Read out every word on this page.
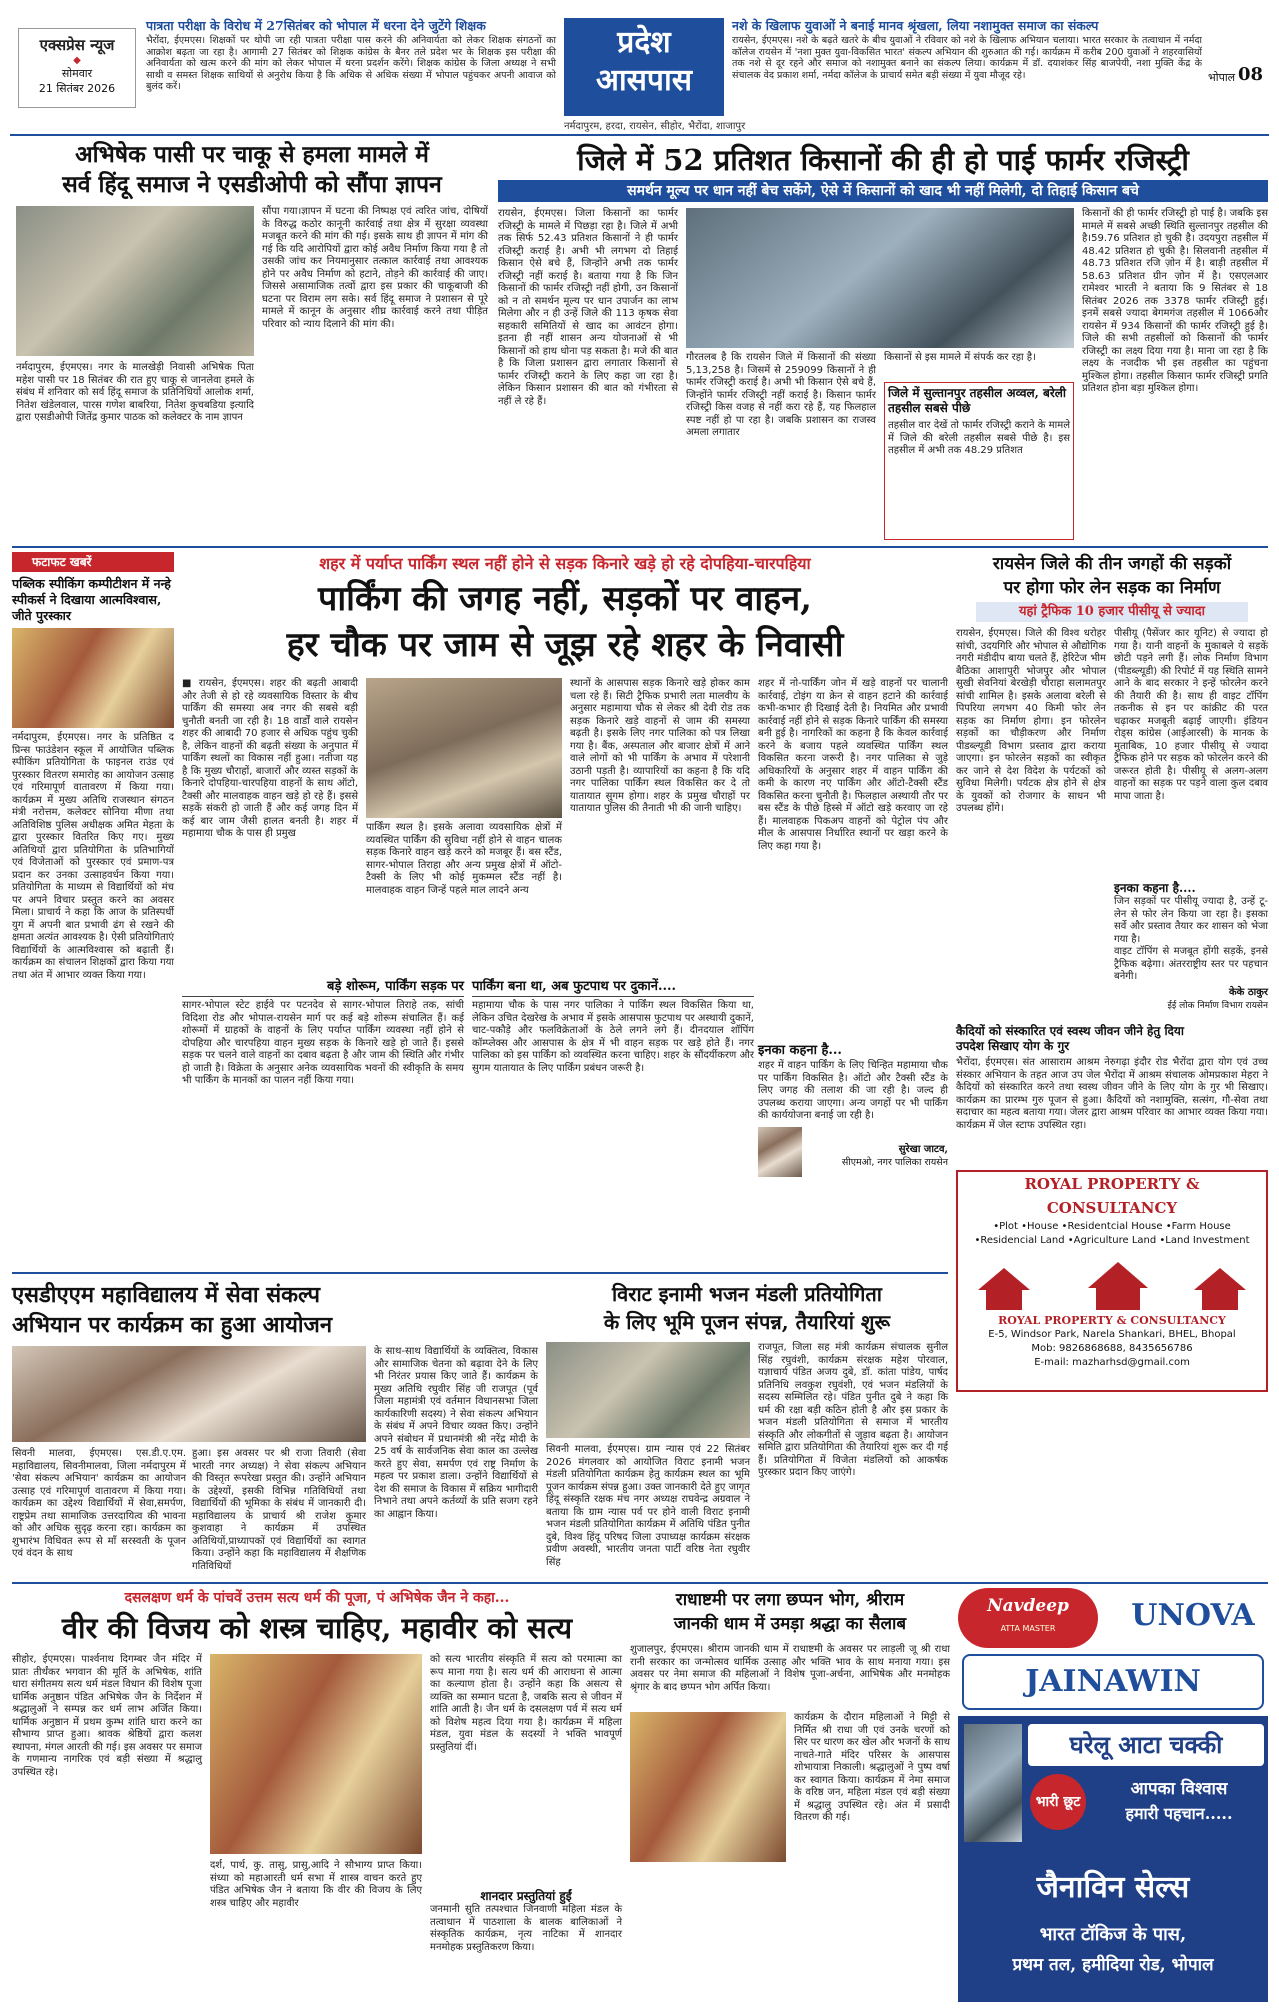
एक्सप्रेस न्यूज
◆
सोमवार
21 सितंबर 2026
पात्रता परीक्षा के विरोध में 27सितंबर को भोपाल में धरना देने जुटेंगे शिक्षक
भैरोंदा, ईएमएस। शिक्षकों पर थोपी जा रही पात्रता परीक्षा पास करने की अनिवार्यता को लेकर शिक्षक संगठनों का आक्रोश बढ़ता जा रहा है। आगामी 27 सितंबर को शिक्षक कांग्रेस के बैनर तले प्रदेश भर के शिक्षक इस परीक्षा की अनिवार्यता को खत्म करने की मांग को लेकर भोपाल में धरना प्रदर्शन करेंगे। शिक्षक कांग्रेस के जिला अध्यक्ष ने सभी साथी व समस्त शिक्षक साथियों से अनुरोध किया है कि अधिक से अधिक संख्या में भोपाल पहुंचकर अपनी आवाज को बुलंद करें।
प्रदेश
आसपास
नर्मदापुरम, हरदा, रायसेन, सीहोर, भैरोंदा, शाजापुर
नशे के खिलाफ युवाओं ने बनाई मानव श्रृंखला, लिया नशामुक्त समाज का संकल्प
रायसेन, ईएमएस। नशे के बढ़ते खतरे के बीच युवाओं ने रविवार को नशे के खिलाफ अभियान चलाया। भारत सरकार के तत्वाधान में नर्मदा कॉलेज रायसेन में 'नशा मुक्त युवा-विकसित भारत' संकल्प अभियान की शुरुआत की गई। कार्यक्रम में करीब 200 युवाओं ने शहरवासियों तक नशे से दूर रहने और समाज को नशामुक्त बनाने का संकल्प लिया। कार्यक्रम में डॉ. दयाशंकर सिंह बाजपेयी, नशा मुक्ति केंद्र के संचालक वेद प्रकाश शर्मा, नर्मदा कॉलेज के प्राचार्य समेत बड़ी संख्या में युवा मौजूद रहे।	भोपाल 08
अभिषेक पासी पर चाकू से हमला मामले में
सर्व हिंदू समाज ने एसडीओपी को सौंपा ज्ञापन
नर्मदापुरम, ईएमएस। नगर के मालखेड़ी निवासी अभिषेक पिता महेश पासी पर 18 सितंबर की रात हुए चाकू से जानलेवा हमले के संबंध में शनिवार को सर्व हिंदू समाज के प्रतिनिधियों आलोक शर्मा, नितेश खंडेलवाल, पारस गणेश बाबरिया, नितेश कुचबडिया इत्यादि द्वारा एसडीओपी जितेंद्र कुमार पाठक को कलेक्टर के नाम ज्ञापन
सौंपा गया।ज्ञापन में घटना की निष्पक्ष एवं त्वरित जांच, दोषियों के विरुद्ध कठोर कानूनी कार्रवाई तथा क्षेत्र में सुरक्षा व्यवस्था मजबूत करने की मांग की गई। इसके साथ ही ज्ञापन में मांग की गई कि यदि आरोपियों द्वारा कोई अवैध निर्माण किया गया है तो उसकी जांच कर नियमानुसार तत्काल कार्रवाई तथा आवश्यक होने पर अवैध निर्माण को हटाने, तोड़ने की कार्रवाई की जाए। जिससे असामाजिक तत्वों द्वारा इस प्रकार की चाकूबाजी की घटना पर विराम लग सके। सर्व हिंदू समाज ने प्रशासन से पूरे मामले में कानून के अनुसार शीघ्र कार्रवाई करने तथा पीड़ित परिवार को न्याय दिलाने की मांग की।
जिले में 52 प्रतिशत किसानों की ही हो पाई फार्मर रजिस्ट्री
समर्थन मूल्य पर धान नहीं बेच सकेंगे, ऐसे में किसानों को खाद भी नहीं मिलेगी, दो तिहाई किसान बचे
रायसेन, ईएमएस। जिला किसानों का फार्मर रजिस्ट्री के मामले में पिछड़ा रहा है। जिले में अभी तक सिर्फ 52.43 प्रतिशत किसानों ने ही फार्मर रजिस्ट्री कराई है। अभी भी लगभग दो तिहाई किसान ऐसे बचे हैं, जिन्होंने अभी तक फार्मर रजिस्ट्री नहीं कराई है। बताया गया है कि जिन किसानों की फार्मर रजिस्ट्री नहीं होगी, उन किसानों को न तो समर्थन मूल्य पर धान उपार्जन का लाभ मिलेगा और न ही उन्हें जिले की 113 कृषक सेवा सहकारी समितियों से खाद का आवंटन होगा। इतना ही नहीं शासन अन्य योजनाओं से भी किसानों को हाथ धोना पड़ सकता है। मजे की बात है कि जिला प्रशासन द्वारा लगातार किसानों से फार्मर रजिस्ट्री कराने के लिए कहा जा रहा है। लेकिन किसान प्रशासन की बात को गंभीरता से नहीं ले रहे हैं।
गौरतलब है कि रायसेन जिले में किसानों की संख्या 5,13,258 है। जिसमें से 259099 किसानों ने ही फार्मर रजिस्ट्री कराई है। अभी भी किसान ऐसे बचे हैं, जिन्होंने फार्मर रजिस्ट्री नहीं कराई है। किसान फार्मर रजिस्ट्री किस वजह से नहीं करा रहे हैं, यह फिलहाल स्पष्ट नहीं हो पा रहा है। जबकि प्रशासन का राजस्व अमला लगातार
किसानों से इस मामले में संपर्क कर रहा है।
जिले में सुल्तानपुर तहसील अव्वल, बरेली तहसील सबसे पीछे
तहसील वार देखें तो फार्मर रजिस्ट्री कराने के मामले में जिले की बरेली तहसील सबसे पीछे है। इस तहसील में अभी तक 48.29 प्रतिशत
किसानों की ही फार्मर रजिस्ट्री हो पाई है। जबकि इस मामले में सबसे अच्छी स्थिति सुल्तानपुर तहसील की है।59.76 प्रतिशत हो चुकी है। उदयपुरा तहसील में 48.42 प्रतिशत हो चुकी है। सिलवानी तहसील में 48.73 प्रतिशत रजि ज़ोन में है। बाड़ी तहसील में 58.63 प्रतिशत ग्रीन ज़ोन में है। एसएलआर रामेश्वर भारती ने बताया कि 9 सितंबर से 18 सितंबर 2026 तक 3378 फार्मर रजिस्ट्री हुई। इनमें सबसे ज्यादा बेगमगंज तहसील में 1066और रायसेन में 934 किसानों की फार्मर रजिस्ट्री हुई है। जिले की सभी तहसीलों को किसानों की फार्मर रजिस्ट्री का लक्ष्य दिया गया है। माना जा रहा है कि लक्ष्य के नजदीक भी इस तहसील का पहुंचना मुश्किल होगा। तहसील किसान फार्मर रजिस्ट्री प्रगति प्रतिशत होना बड़ा मुश्किल होगा।
फटाफट खबरें
पब्लिक स्पीकिंग कम्पीटीशन में नन्हे स्पीकर्स ने दिखाया आत्मविश्वास, जीते पुरस्कार
नर्मदापुरम, ईएमएस। नगर के प्रतिष्ठित द प्रिन्स फाउंडेशन स्कूल में आयोजित पब्लिक स्पीकिंग प्रतियोगिता के फाइनल राउंड एवं पुरस्कार वितरण समारोह का आयोजन उत्साह एवं गरिमापूर्ण वातावरण में किया गया। कार्यक्रम में मुख्य अतिथि राजस्थान संगठन मंत्री नरोत्तम, कलेक्टर सोनिया मीणा तथा अतिविशिष्ठ पुलिस अधीक्षक अमित मेहता के द्वारा पुरस्कार वितरित किए गए। मुख्य अतिथियों द्वारा प्रतियोगिता के प्रतिभागियों एवं विजेताओं को पुरस्कार एवं प्रमाण-पत्र प्रदान कर उनका उत्साहवर्धन किया गया। प्रतियोगिता के माध्यम से विद्यार्थियों को मंच पर अपने विचार प्रस्तुत करने का अवसर मिला। प्राचार्य ने कहा कि आज के प्रतिस्पर्धी युग में अपनी बात प्रभावी ढंग से रखने की क्षमता अत्यंत आवश्यक है। ऐसी प्रतियोगिताएं विद्यार्थियों के आत्मविश्वास को बढ़ाती हैं। कार्यक्रम का संचालन शिक्षकों द्वारा किया गया तथा अंत में आभार व्यक्त किया गया।
शहर में पर्याप्त पार्किंग स्थल नहीं होने से सड़क किनारे खड़े हो रहे दोपहिया-चारपहिया
पार्किंग की जगह नहीं, सड़कों पर वाहन,
हर चौक पर जाम से जूझ रहे शहर के निवासी
■ रायसेन, ईएमएस। शहर की बढ़ती आबादी और तेजी से हो रहे व्यवसायिक विस्तार के बीच पार्किंग की समस्या अब नगर की सबसे बड़ी चुनौती बनती जा रही है। 18 वार्डों वाले रायसेन शहर की आबादी 70 हजार से अधिक पहुंच चुकी है, लेकिन वाहनों की बढ़ती संख्या के अनुपात में पार्किंग स्थलों का विकास नहीं हुआ। नतीजा यह है कि मुख्य चौराहों, बाजारों और व्यस्त सड़कों के किनारे दोपहिया-चारपहिया वाहनों के साथ ऑटो, टैक्सी और मालवाहक वाहन खड़े हो रहे हैं। इससे सड़कें संकरी हो जाती हैं और कई जगह दिन में कई बार जाम जैसी हालत बनती है। शहर में महामाया चौक के पास ही प्रमुख
पार्किंग स्थल है। इसके अलावा व्यवसायिक क्षेत्रों में व्यवस्थित पार्किंग की सुविधा नहीं होने से वाहन चालक सड़क किनारे वाहन खड़े करने को मजबूर हैं। बस स्टैंड, सागर-भोपाल तिराहा और अन्य प्रमुख क्षेत्रों में ऑटो-टैक्सी के लिए भी कोई मुकम्मल स्टैंड नहीं है। मालवाहक वाहन जिन्हें पहले माल लादने अन्य
स्थानों के आसपास सड़क किनारे खड़े होकर काम चला रहे हैं। सिटी ट्रैफिक प्रभारी लता मालवीय के अनुसार महामाया चौक से लेकर श्री देवी रोड तक सड़क किनारे खड़े वाहनों से जाम की समस्या बढ़ती है। इसके लिए नगर पालिका को पत्र लिखा गया है। बैंक, अस्पताल और बाजार क्षेत्रों में आने वाले लोगों को भी पार्किंग के अभाव में परेशानी उठानी पड़ती है। व्यापारियों का कहना है कि यदि नगर पालिका पार्किंग स्थल विकसित कर दे तो यातायात सुगम होगा। शहर के प्रमुख चौराहों पर यातायात पुलिस की तैनाती भी की जानी चाहिए।
शहर में नो-पार्किंग जोन में खड़े वाहनों पर चालानी कार्रवाई, टोइंग या क्रेन से वाहन हटाने की कार्रवाई कभी-कभार ही दिखाई देती है। नियमित और प्रभावी कार्रवाई नहीं होने से सड़क किनारे पार्किंग की समस्या बनी हुई है। नागरिकों का कहना है कि केवल कार्रवाई करने के बजाय पहले व्यवस्थित पार्किंग स्थल विकसित करना जरूरी है। नगर पालिका से जुड़े अधिकारियों के अनुसार शहर में वाहन पार्किंग की कमी के कारण नए पार्किंग और ऑटो-टैक्सी स्टैंड विकसित करना चुनौती है। फिलहाल अस्थायी तौर पर बस स्टैंड के पीछे हिस्से में ऑटो खड़े करवाए जा रहे हैं। मालवाहक पिकअप वाहनों को पेट्रोल पंप और मील के आसपास निर्धारित स्थानों पर खड़ा करने के लिए कहा गया है।
बड़े शोरूम, पार्किंग सड़क पर
सागर-भोपाल स्टेट हाईवे पर पटनदेव से सागर-भोपाल तिराहे तक, सांची विदिशा रोड और भोपाल-रायसेन मार्ग पर कई बड़े शोरूम संचालित हैं। कई शोरूमों में ग्राहकों के वाहनों के लिए पर्याप्त पार्किंग व्यवस्था नहीं होने से दोपहिया और चारपहिया वाहन मुख्य सड़क के किनारे खड़े हो जाते हैं। इससे सड़क पर चलने वाले वाहनों का दबाव बढ़ता है और जाम की स्थिति और गंभीर हो जाती है। विक्रेता के अनुसार अनेक व्यवसायिक भवनों की स्वीकृति के समय भी पार्किंग के मानकों का पालन नहीं किया गया।
पार्किंग बना था, अब फुटपाथ पर दुकानें....
महामाया चौक के पास नगर पालिका ने पार्किंग स्थल विकसित किया था, लेकिन उचित देखरेख के अभाव में इसके आसपास फुटपाथ पर अस्थायी दुकानें, चाट-पकौड़े और फलविक्रेताओं के ठेले लगने लगे हैं। दीनदयाल शॉपिंग कॉम्प्लेक्स और आसपास के क्षेत्र में भी वाहन सड़क पर खड़े होते हैं। नगर पालिका को इस पार्किंग को व्यवस्थित करना चाहिए। शहर के सौंदर्यीकरण और सुगम यातायात के लिए पार्किंग प्रबंधन जरूरी है।
इनका कहना है...
शहर में वाहन पार्किंग के लिए चिन्हित महामाया चौक पर पार्किंग विकसित है। ऑटो और टैक्सी स्टैंड के लिए जगह की तलाश की जा रही है। जल्द ही उपलब्ध कराया जाएगा। अन्य जगहों पर भी पार्किंग की कार्ययोजना बनाई जा रही है।
सुरेखा जाटव,
सीएमओ, नगर पालिका रायसेन
रायसेन जिले की तीन जगहों की सड़कों
पर होगा फोर लेन सड़क का निर्माण
यहां ट्रैफिक 10 हजार पीसीयू से ज्यादा
रायसेन, ईएमएस। जिले की विश्व धरोहर सांची, उदयगिरि और भोपाल से औद्योगिक नगरी मंडीदीप बाया चलते हैं, हेरिटेज भीम बैठिका आशापुरी भोजपुर और भोपाल सुखी सेवनियां बेरखेड़ी चौराहा सलामतपुर सांची शामिल है। इसके अलावा बरेली से पिपरिया लगभग 40 किमी फोर लेन सड़क का निर्माण होगा। इन फोरलेन सड़कों का चौड़ीकरण और निर्माण पीडब्ल्यूडी विभाग प्रस्ताव द्वारा कराया जाएगा। इन फोरलेन सड़कों का स्वीकृत कर जाने से देश विदेश के पर्यटकों को सुविधा मिलेगी। पर्यटक क्षेत्र होने से क्षेत्र के युवकों को रोजगार के साधन भी उपलब्ध होंगे।
पीसीयू (पैसेंजर कार यूनिट) से ज्यादा हो गया है। यानी वाहनों के मुकाबले ये सड़कें छोटी पड़ने लगी हैं। लोक निर्माण विभाग (पीडब्ल्यूडी) की रिपोर्ट में यह स्थिति सामने आने के बाद सरकार ने इन्हें फोरलेन करने की तैयारी की है। साथ ही वाइट टॉपिंग तकनीक से इन पर कांक्रीट की परत चढ़ाकर मजबूती बढ़ाई जाएगी। इंडियन रोड्स कांग्रेस (आईआरसी) के मानक के मुताबिक, 10 हजार पीसीयू से ज्यादा ट्रैफिक होने पर सड़क को फोरलेन करने की जरूरत होती है। पीसीयू से अलग-अलग वाहनों का सड़क पर पड़ने वाला कुल दबाव मापा जाता है।
इनका कहना है....
जिन सड़कों पर पीसीयू ज्यादा है, उन्हें टू-लेन से फोर लेन किया जा रहा है। इसका सर्वे और प्रस्ताव तैयार कर शासन को भेजा गया है।
वाइट टॉपिंग से मजबूत होंगी सड़कें, इनसे ट्रैफिक बढ़ेगा। अंतरराष्ट्रीय स्तर पर पहचान बनेगी।
केके ठाकुर
ईई लोक निर्माण विभाग रायसेन
कैदियों को संस्कारित एवं स्वस्थ जीवन जीने हेतु दिया
उपदेश सिखाए योग के गुर
भैरोंदा, ईएमएस। संत आसाराम आश्रम नेरुगढ़ा इंदौर रोड भैरोंदा द्वारा योग एवं उच्च संस्कार अभियान के तहत आज उप जेल भैरोंदा में आश्रम संचालक ओमप्रकाश मेहरा ने कैदियों को संस्कारित करने तथा स्वस्थ जीवन जीने के लिए योग के गुर भी सिखाए। कार्यक्रम का प्रारम्भ गुरु पूजन से हुआ। कैदियों को नशामुक्ति, सत्संग, गौ-सेवा तथा सदाचार का महत्व बताया गया। जेलर द्वारा आश्रम परिवार का आभार व्यक्त किया गया। कार्यक्रम में जेल स्टाफ उपस्थित रहा।
ROYAL PROPERTY & CONSULTANCY
•Plot •House •Residentcial House •Farm House
•Residencial Land •Agriculture Land •Land Investment
ROYAL PROPERTY & CONSULTANCY
E-5, Windsor Park, Narela Shankari, BHEL, Bhopal
Mob: 9826868688, 8435656786
E-mail: mazharhsd@gmail.com
एसडीएएम महाविद्यालय में सेवा संकल्प
अभियान पर कार्यक्रम का हुआ आयोजन
सिवनी मालवा, ईएमएस। एस.डी.ए.एम. महाविद्यालय, सिवनीमालवा, जिला नर्मदापुरम में 'सेवा संकल्प अभियान' कार्यक्रम का आयोजन उत्साह एवं गरिमापूर्ण वातावरण में किया गया। कार्यक्रम का उद्देश्य विद्यार्थियों में सेवा,समर्पण, राष्ट्रप्रेम तथा सामाजिक उत्तरदायित्व की भावना को और अधिक सुदृढ़ करना रहा। कार्यक्रम का शुभारंभ विधिवत रूप से माँ सरस्वती के पूजन एवं वंदन के साथ
हुआ। इस अवसर पर श्री राजा तिवारी (सेवा भारती नगर अध्यक्ष) ने सेवा संकल्प अभियान की विस्तृत रूपरेखा प्रस्तुत की। उन्होंने अभियान के उद्देश्यों, इसकी विभिन्न गतिविधियों तथा विद्यार्थियों की भूमिका के संबंध में जानकारी दी। महाविद्यालय के प्राचार्य श्री राजेश कुमार कुशवाहा ने कार्यक्रम में उपस्थित अतिथियों,प्राध्यापकों एवं विद्यार्थियों का स्वागत किया। उन्होंने कहा कि महाविद्यालय में शैक्षणिक गतिविधियों
के साथ-साथ विद्यार्थियों के व्यक्तित्व, विकास और सामाजिक चेतना को बढ़ावा देने के लिए भी निरंतर प्रयास किए जाते हैं। कार्यक्रम के मुख्य अतिथि रघुवीर सिंह जी राजपूत (पूर्व जिला महामंत्री एवं वर्तमान विधानसभा जिला कार्यकारिणी सदस्य) ने सेवा संकल्प अभियान के संबंध में अपने विचार व्यक्त किए। उन्होंने अपने संबोधन में प्रधानमंत्री श्री नरेंद्र मोदी के 25 वर्ष के सार्वजनिक सेवा काल का उल्लेख करते हुए सेवा, समर्पण एवं राष्ट्र निर्माण के महत्व पर प्रकाश डाला। उन्होंने विद्यार्थियों से देश की समाज के विकास में सक्रिय भागीदारी निभाने तथा अपने कर्तव्यों के प्रति सजग रहने का आह्वान किया।
विराट इनामी भजन मंडली प्रतियोगिता
के लिए भूमि पूजन संपन्न, तैयारियां शुरू
सिवनी मालवा, ईएमएस। ग्राम न्यास एवं 22 सितंबर 2026 मंगलवार को आयोजित विराट इनामी भजन मंडली प्रतियोगिता कार्यक्रम हेतु कार्यक्रम स्थल का भूमि पूजन कार्यक्रम संपन्न हुआ। उक्त जानकारी देते हुए जागृत हिंदू संस्कृति रक्षक मंच नगर अध्यक्ष राघवेन्द्र अग्रवाल ने बताया कि ग्राम न्यास पर्व पर होने वाली विराट इनामी भजन मंडली प्रतियोगिता कार्यक्रम में अतिथि पंडित पुनीत दुबे, विश्व हिंदू परिषद जिला उपाध्यक्ष कार्यक्रम संरक्षक प्रवीण अवस्थी, भारतीय जनता पार्टी वरिष्ठ नेता रघुवीर सिंह
राजपूत, जिला सह मंत्री कार्यक्रम संचालक सुनील सिंह रघुवंशी, कार्यक्रम संरक्षक महेश पोरवाल, यज्ञाचार्य पंडित अजय दुबे, डॉ. कांता पांडेय, पार्षद प्रतिनिधि लवकुश रघुवंशी, एवं भजन मंडलियों के सदस्य सम्मिलित रहे। पंडित पुनीत दुबे ने कहा कि धर्म की रक्षा बड़ी कठिन होती है और इस प्रकार के भजन मंडली प्रतियोगिता से समाज में भारतीय संस्कृति और लोकगीतों से जुड़ाव बढ़ता है। आयोजन समिति द्वारा प्रतियोगिता की तैयारियां शुरू कर दी गई हैं। प्रतियोगिता में विजेता मंडलियों को आकर्षक पुरस्कार प्रदान किए जाएंगे।
दसलक्षण धर्म के पांचवें उत्तम सत्य धर्म की पूजा, पं अभिषेक जैन ने कहा...
वीर की विजय को शस्त्र चाहिए, महावीर को सत्य
सीहोर, ईएमएस। पार्श्वनाथ दिगम्बर जैन मंदिर में प्रातः तीर्थंकर भगवान की मूर्ति के अभिषेक, शांति धारा संगीतमय सत्य धर्म मंडल विधान की विशेष पूजा धार्मिक अनुष्ठान पंडित अभिषेक जैन के निर्देशन में श्रद्धालुओं ने सम्पन्न कर धर्म लाभ अर्जित किया। धार्मिक अनुष्ठान में प्रथम कुम्भ शांति धारा करने का सौभाग्य प्राप्त हुआ। श्रावक श्रेष्ठियों द्वारा कलश स्थापना, मंगल आरती की गई। इस अवसर पर समाज के गणमान्य नागरिक एवं बड़ी संख्या में श्रद्धालु उपस्थित रहे।
दर्श, पार्थ, कु. तासु, प्रासु,आदि ने सौभाग्य प्राप्त किया। संध्या को महाआरती धर्म सभा में शास्त्र वाचन करते हुए पंडित अभिषेक जैन ने बताया कि वीर की विजय के लिए शस्त्र चाहिए और महावीर
को सत्य भारतीय संस्कृति में सत्य को परमात्मा का रूप माना गया है। सत्य धर्म की आराधना से आत्मा का कल्याण होता है। उन्होंने कहा कि असत्य से व्यक्ति का सम्मान घटता है, जबकि सत्य से जीवन में शांति आती है। जैन धर्म के दसलक्षण पर्व में सत्य धर्म को विशेष महत्व दिया गया है। कार्यक्रम में महिला मंडल, युवा मंडल के सदस्यों ने भक्ति भावपूर्ण प्रस्तुतियां दीं।
शानदार प्रस्तुतियां हुईं
जनमानी सुति तत्पश्चात जिनवाणी महिला मंडल के तत्वाधान में पाठशाला के बालक बालिकाओं ने संस्कृतिक कार्यक्रम, नृत्य नाटिका में शानदार मनमोहक प्रस्तुतिकरण किया।
राधाष्टमी पर लगा छप्पन भोग, श्रीराम
जानकी धाम में उमड़ा श्रद्धा का सैलाब
शुजालपुर, ईएमएस। श्रीराम जानकी धाम में राधाष्टमी के अवसर पर लाड़ली जू श्री राधा रानी सरकार का जन्मोत्सव धार्मिक उत्साह और भक्ति भाव के साथ मनाया गया। इस अवसर पर नेमा समाज की महिलाओं ने विशेष पूजा-अर्चना, आभिषेक और मनमोहक श्रृंगार के बाद छप्पन भोग अर्पित किया।
कार्यक्रम के दौरान महिलाओं ने मिट्टी से निर्मित श्री राधा जी एवं उनके चरणों को सिर पर धारण कर खेल और भजनों के साथ नाचते-गाते मंदिर परिसर के आसपास शोभायात्रा निकाली। श्रद्धालुओं ने पुष्प वर्षा कर स्वागत किया। कार्यक्रम में नेमा समाज के वरिष्ठ जन, महिला मंडल एवं बड़ी संख्या में श्रद्धालु उपस्थित रहे। अंत में प्रसादी वितरण की गई।
Navdeep
ATTA MASTER	UNOVA
JAINAWIN
घरेलू आटा चक्की
भारी छूट
आपका विश्वास
हमारी पहचान.....
जैनाविन सेल्स
भारत टॉकिज के पास,
प्रथम तल, हमीदिया रोड, भोपाल
